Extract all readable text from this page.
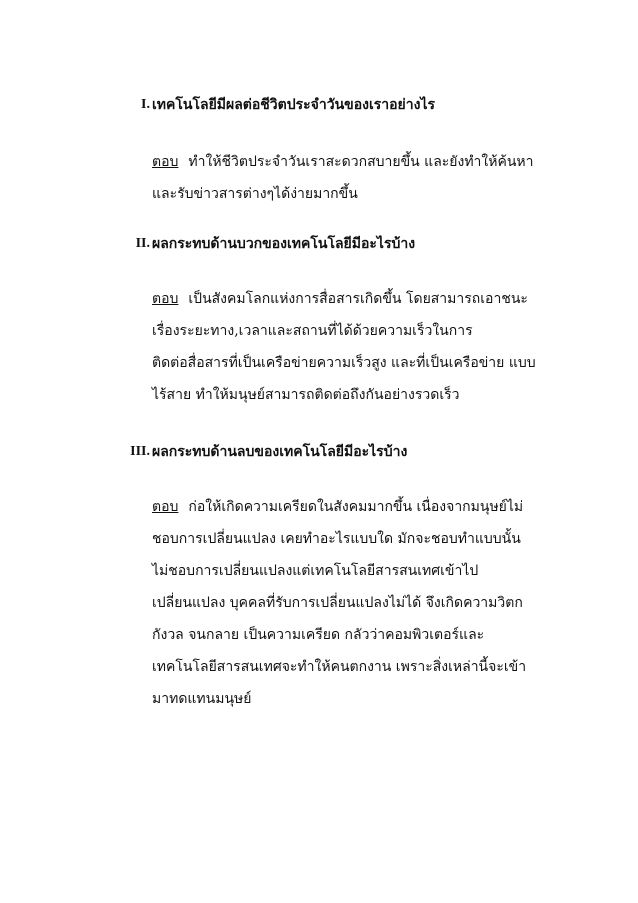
I. เทคโนโลยีมีผลต่อชีวิตประจำวันของเราอย่างไร
ตอบ ทำให้ชีวิตประจำวันเราสะดวกสบายขึ้น และยังทำให้ค้นหา
และรับข่าวสารต่างๆได้ง่ายมากขึ้น
II. ผลกระทบด้านบวกของเทคโนโลยีมีอะไรบ้าง
ตอบ เป็นสังคมโลกแห่งการสื่อสารเกิดขึ้น โดยสามารถเอาชนะ
เรื่องระยะทาง,เวลาและสถานที่ได้ด้วยความเร็วในการ
ติดต่อสื่อสารที่เป็นเครือข่ายความเร็วสูง และที่เป็นเครือข่าย แบบ
ไร้สาย ทำให้มนุษย์สามารถติดต่อถึงกันอย่างรวดเร็ว
III. ผลกระทบด้านลบของเทคโนโลยีมีอะไรบ้าง
ตอบ ก่อให้เกิดความเครียดในสังคมมากขึ้น เนื่องจากมนุษย์ไม่
ชอบการเปลี่ยนแปลง เคยทำอะไรแบบใด มักจะชอบทำแบบนั้น
ไม่ชอบการเปลี่ยนแปลงแต่เทคโนโลยีสารสนเทศเข้าไป
เปลี่ยนแปลง บุคคลที่รับการเปลี่ยนแปลงไม่ได้ จึงเกิดความวิตก
กังวล จนกลาย เป็นความเครียด กลัวว่าคอมพิวเตอร์และ
เทคโนโลยีสารสนเทศจะทำให้คนตกงาน เพราะสิ่งเหล่านี้จะเข้า
มาทดแทนมนุษย์
